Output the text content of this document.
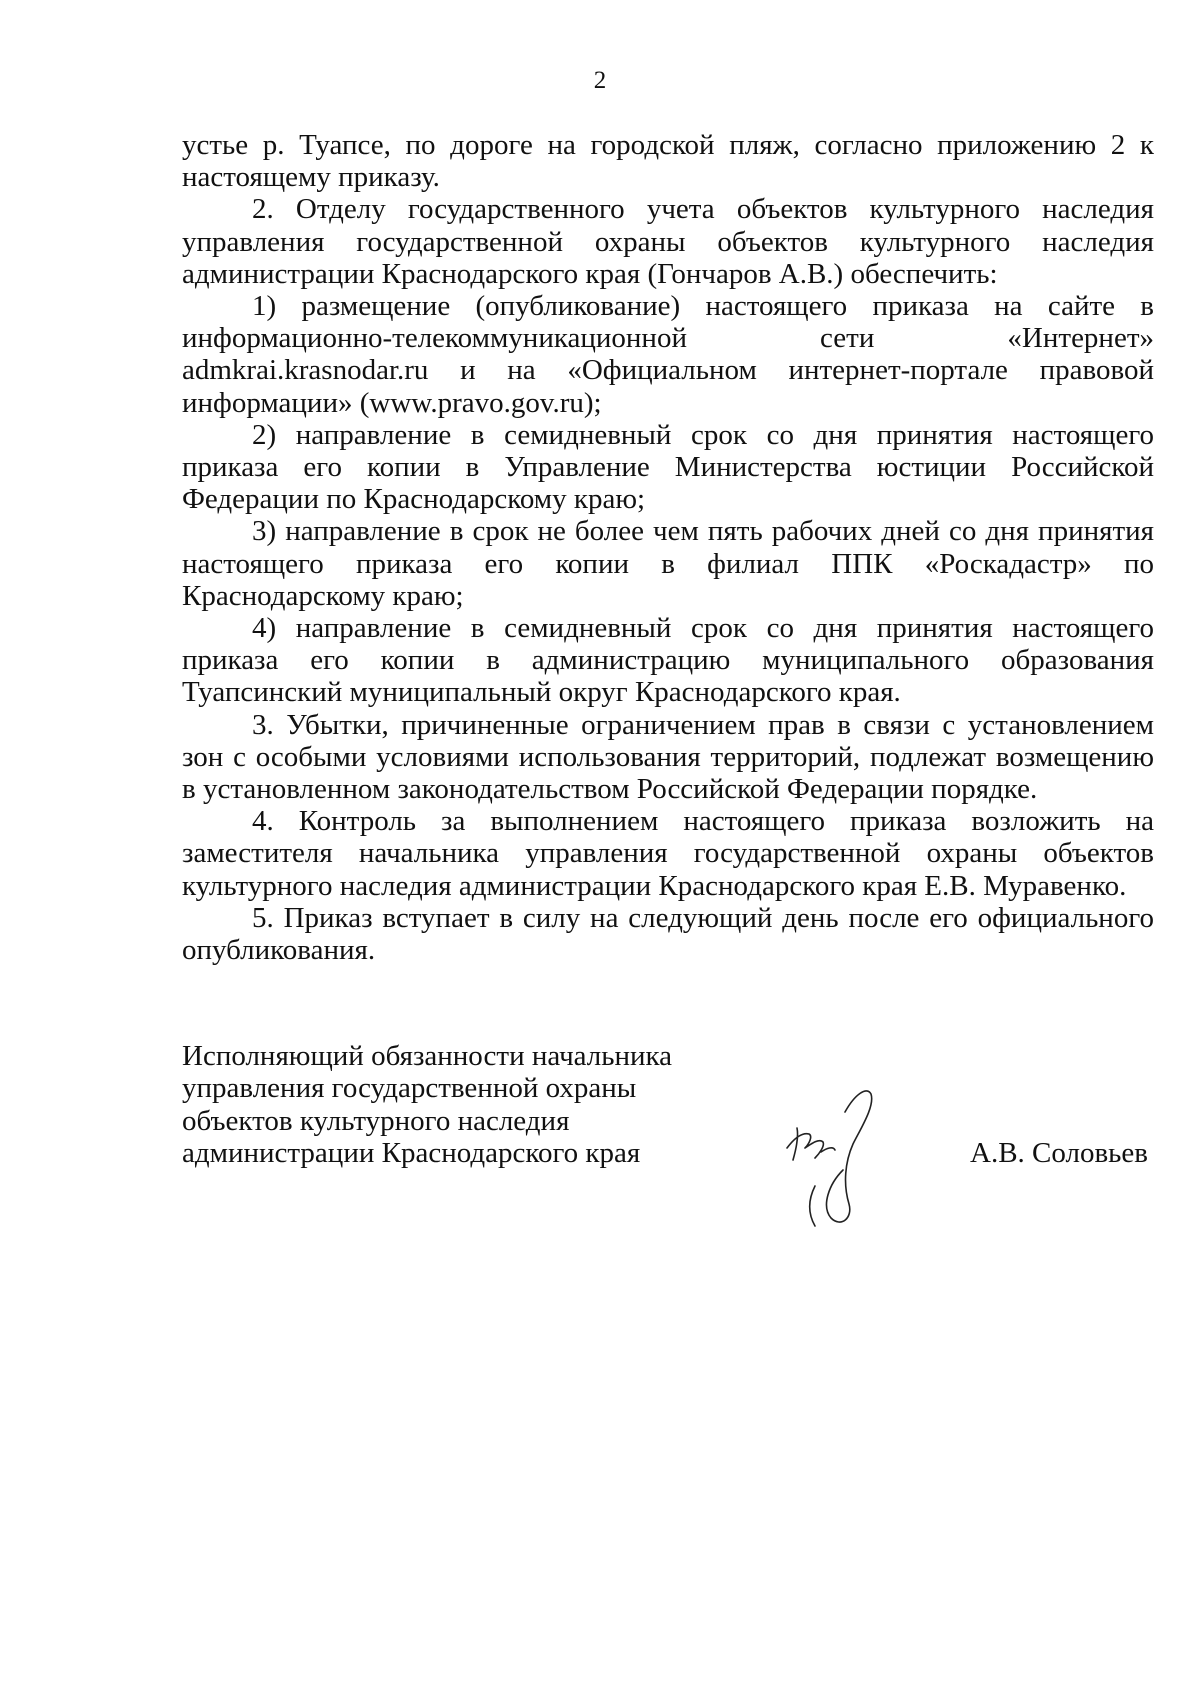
2

устье р. Туапсе, по дороге на городской пляж, согласно приложению 2 к настоящему приказу.

2. Отделу государственного учета объектов культурного наследия управления государственной охраны объектов культурного наследия администрации Краснодарского края (Гончаров А.В.) обеспечить:

1) размещение (опубликование) настоящего приказа на сайте в информационно-телекоммуникационной сети «Интернет» admkrai.krasnodar.ru и на «Официальном интернет-портале правовой информации» (www.pravo.gov.ru);

2) направление в семидневный срок со дня принятия настоящего приказа его копии в Управление Министерства юстиции Российской Федерации по Краснодарскому краю;

3) направление в срок не более чем пять рабочих дней со дня принятия настоящего приказа его копии в филиал ППК «Роскадастр» по Краснодарскому краю;

4) направление в семидневный срок со дня принятия настоящего приказа его копии в администрацию муниципального образования Туапсинский муниципальный округ Краснодарского края.

3. Убытки, причиненные ограничением прав в связи с установлением зон с особыми условиями использования территорий, подлежат возмещению в установленном законодательством Российской Федерации порядке.

4. Контроль за выполнением настоящего приказа возложить на заместителя начальника управления государственной охраны объектов культурного наследия администрации Краснодарского края Е.В. Муравенко.

5. Приказ вступает в силу на следующий день после его официального опубликования.

Исполняющий обязанности начальника
управления государственной охраны
объектов культурного наследия
администрации Краснодарского края	А.В. Соловьев
